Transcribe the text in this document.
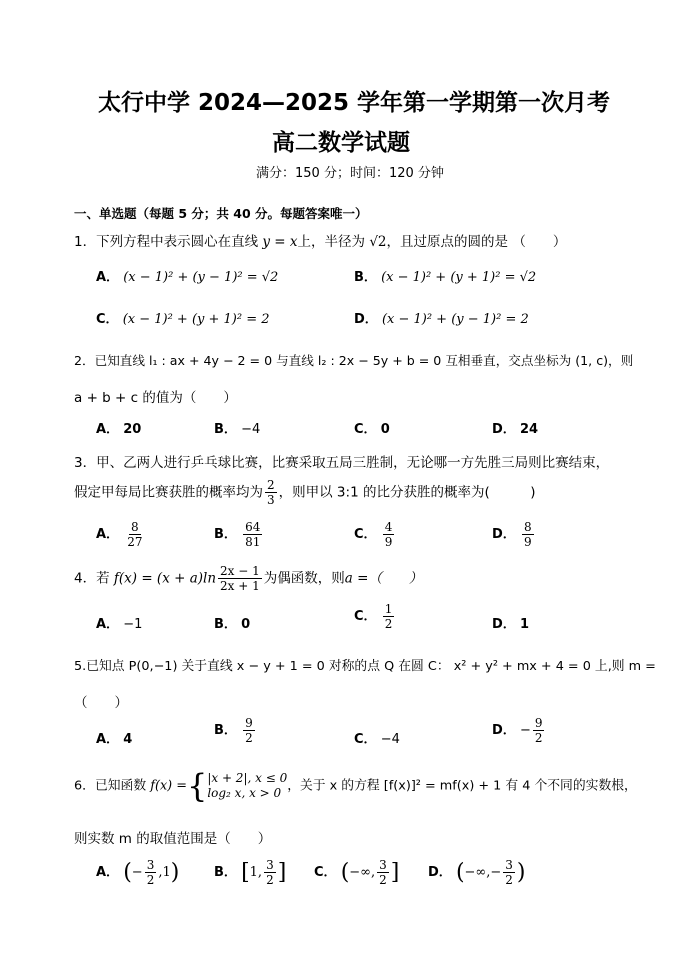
太行中学 2024—2025 学年第一学期第一次月考
高二数学试题
满分：150 分；时间：120 分钟
一、单选题（每题 5 分；共 40 分。每题答案唯一）
1．下列方程中表示圆心在直线 y = x上，半径为 √2，且过原点的圆的是 （　　）
A． (x − 1)² + (y − 1)² = √2	B． (x − 1)² + (y + 1)² = √2
C． (x − 1)² + (y + 1)² = 2	D． (x − 1)² + (y − 1)² = 2
2．已知直线 l₁ : ax + 4y − 2 = 0 与直线 l₂ : 2x − 5y + b = 0 互相垂直，交点坐标为 (1, c)，则
a + b + c 的值为（　　）
A． 20	B． −4	C． 0	D． 24
3．甲、乙两人进行乒乓球比赛，比赛采取五局三胜制，无论哪一方先胜三局则比赛结束，
假定甲每局比赛获胜的概率均为 $\frac{2}{3}$ ，则甲以 3:1 的比分获胜的概率为(　　　)
A． $\frac{8}{27}$	B． $\frac{64}{81}$	C． $\frac{4}{9}$	D． $\frac{8}{9}$
4．若 $f(x) = (x + a)\ln \frac{2x - 1}{2x + 1}$ 为偶函数，则a =（　　）
A． −1	B． 0
C． $\frac{1}{2}$	D． 1
5.已知点 P(0,−1) 关于直线 x − y + 1 = 0 对称的点 Q 在圆 C： x² + y² + mx + 4 = 0 上,则 m =
（　　）
A． 4
B． $\frac{9}{2}$	C． −4
D． − $\frac{9}{2}$
6．已知函数 f(x) ={ |x + 2|, x ≤ 0
log₂ x, x > 0 ，关于 x 的方程 [f(x)]² = mf(x) + 1 有 4 个不同的实数根，
则实数 m 的取值范围是（　　）
A． (− $\frac{3}{2} ,1$)	B． [1, $\frac{3}{2}$ ] C． (−∞, $\frac{3}{2}$ ] D． (−∞,− $\frac{3}{2}$ )
